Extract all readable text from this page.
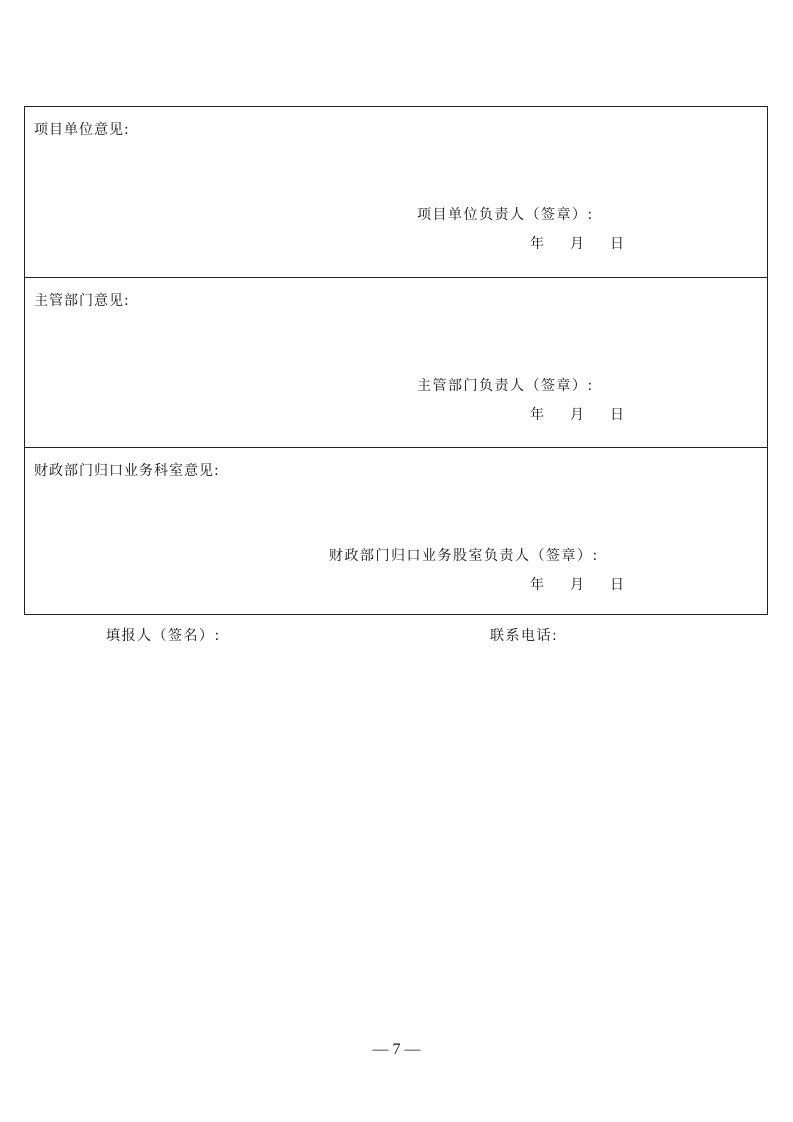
项目单位意见:
项目单位负责人（签章）:
年 月 日
主管部门意见:
主管部门负责人（签章）:
年 月 日
财政部门归口业务科室意见:
财政部门归口业务股室负责人（签章）:
年 月 日
填报人（签名）:	联系电话:
— 7 —
